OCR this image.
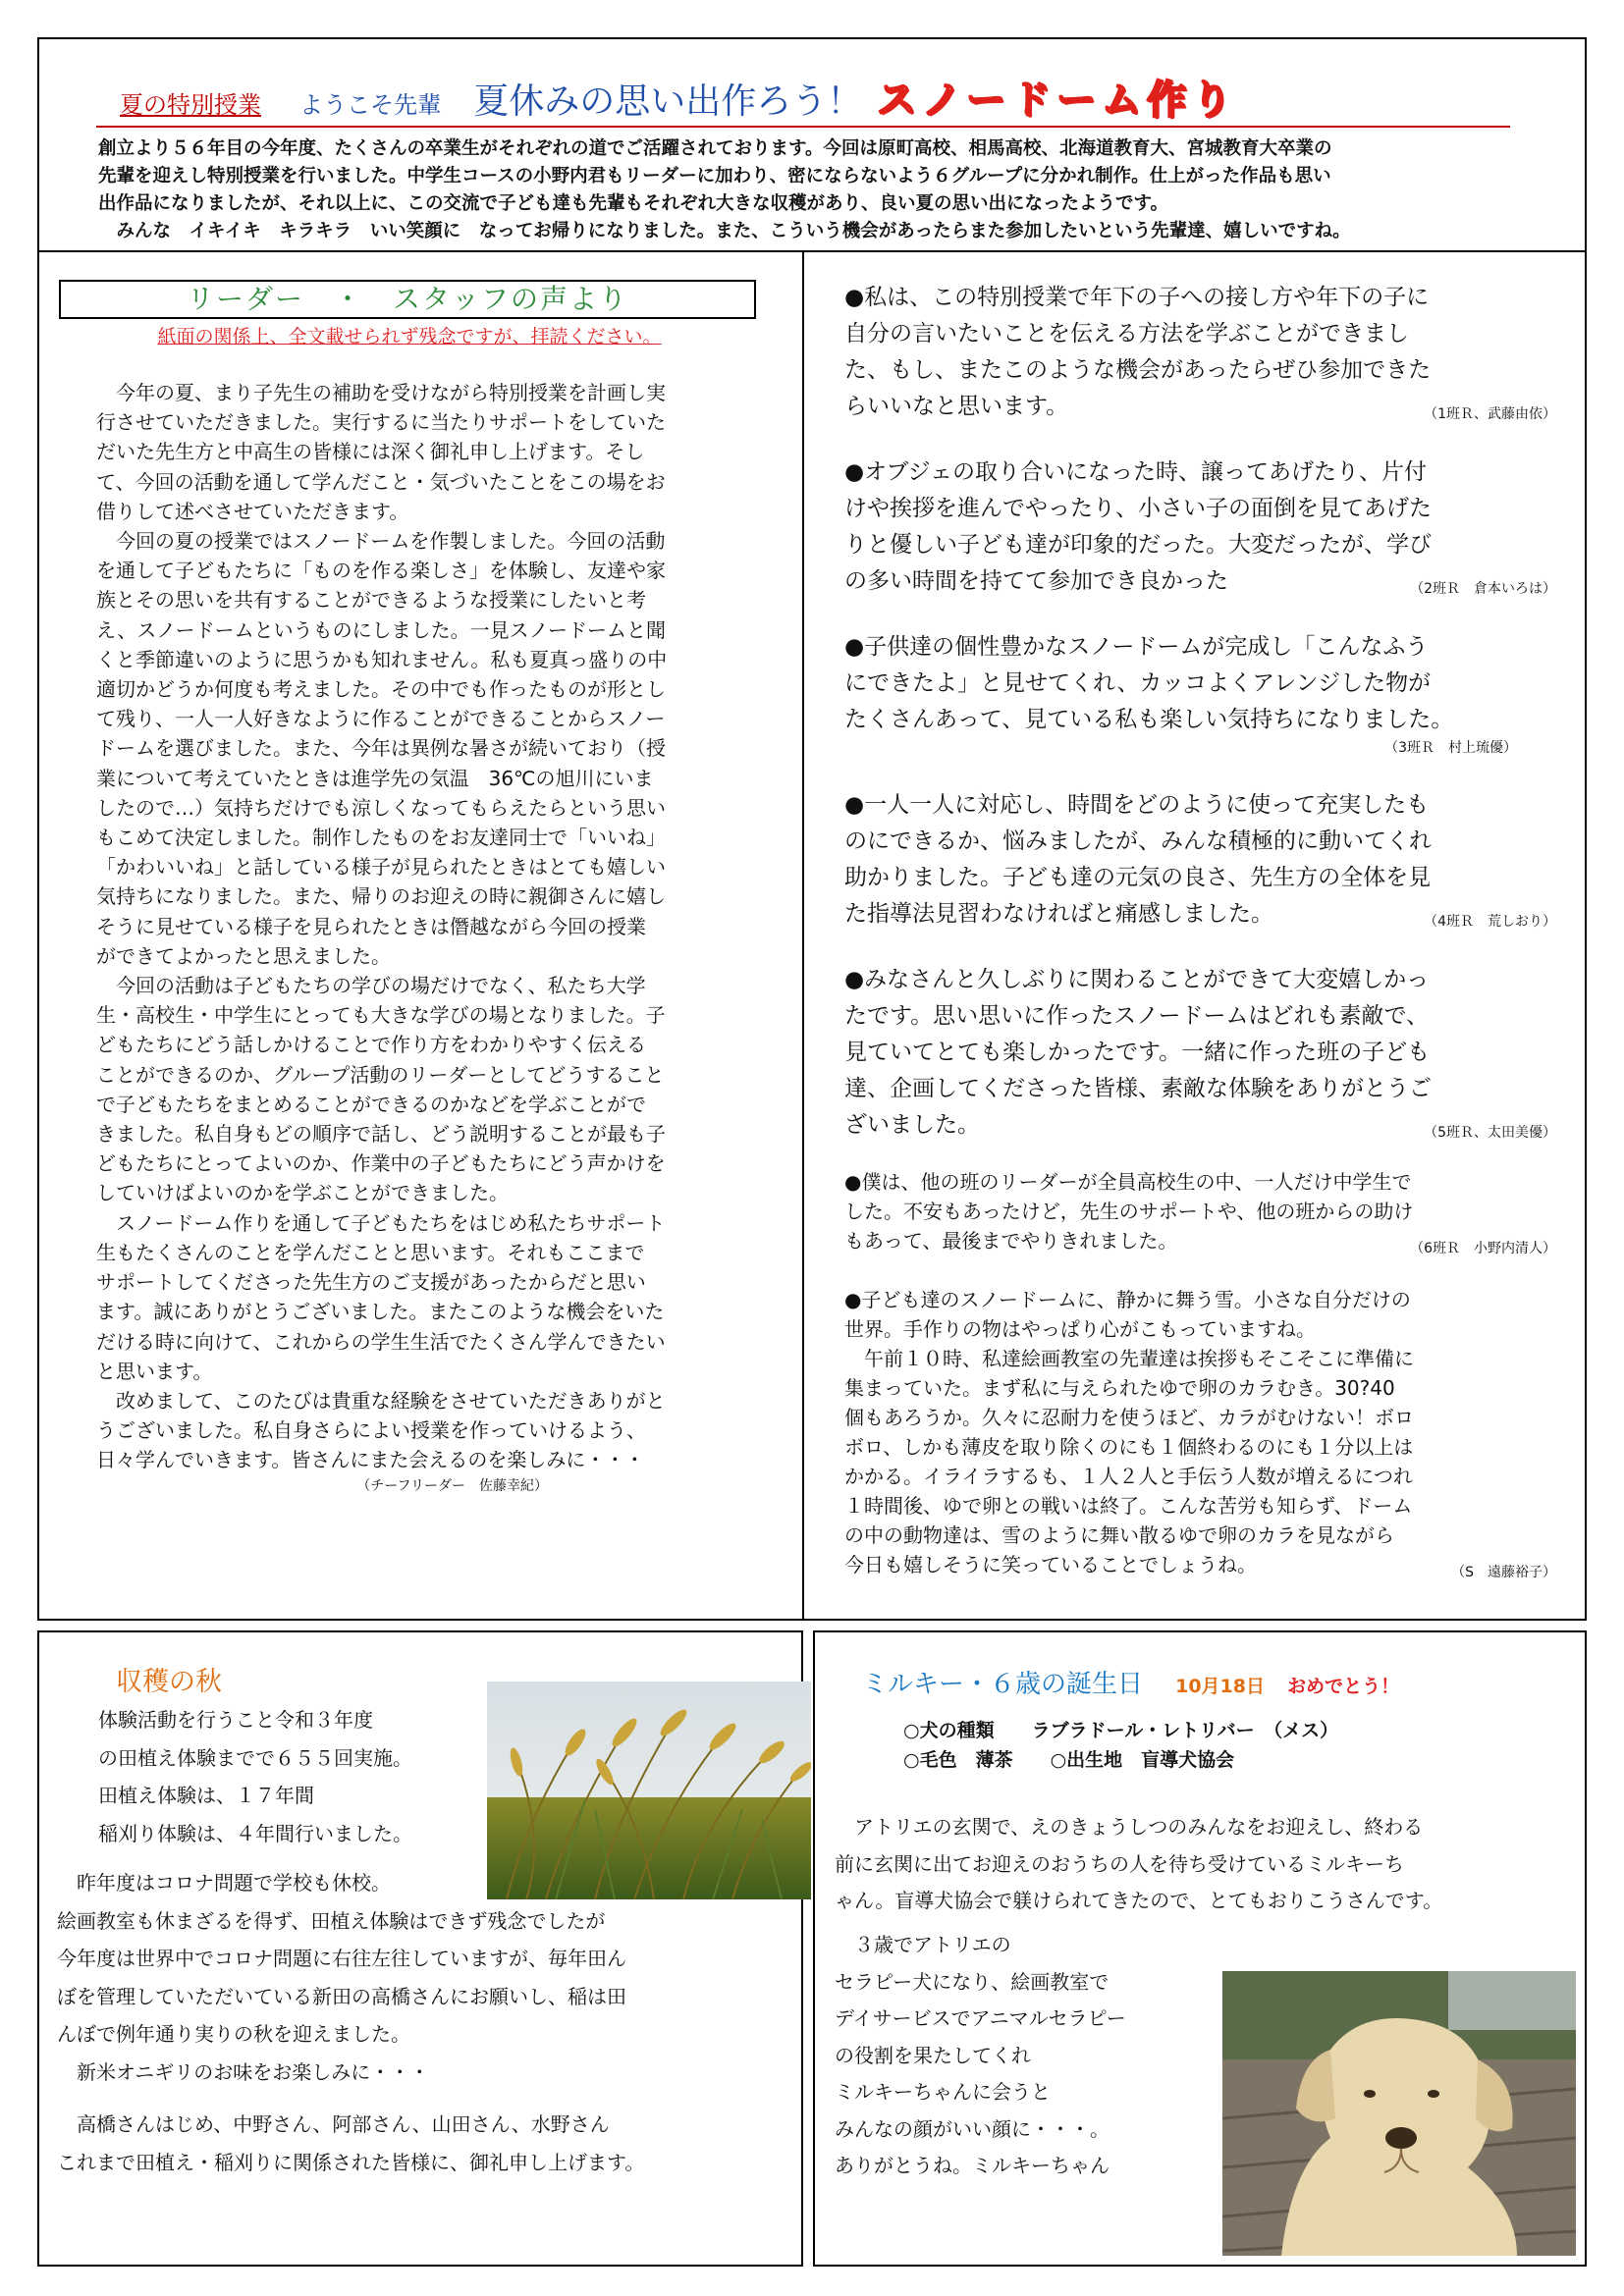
夏の特別授業 ようこそ先輩 夏休みの思い出作ろう！ スノードーム作り

創立より５６年目の今年度、たくさんの卒業生がそれぞれの道でご活躍されております。今回は原町高校、相馬高校、北海道教育大、宮城教育大卒業の

先輩を迎えし特別授業を行いました。中学生コースの小野内君もリーダーに加わり、密にならないよう６グループに分かれ制作。仕上がった作品も思い

出作品になりましたが、それ以上に、この交流で子ども達も先輩もそれぞれ大きな収穫があり、良い夏の思い出になったようです。

　みんな　イキイキ　キラキラ　いい笑顔に　なってお帰りになりました。また、こういう機会があったらまた参加したいという先輩達、嬉しいですね。

リーダー　・　スタッフの声より
紙面の関係上、全文載せられず残念ですが、拝読ください。

　今年の夏、まり子先生の補助を受けながら特別授業を計画し実

行させていただきました。実行するに当たりサポートをしていた

だいた先生方と中高生の皆様には深く御礼申し上げます。そし

て、今回の活動を通して学んだこと・気づいたことをこの場をお

借りして述べさせていただきます。

　今回の夏の授業ではスノードームを作製しました。今回の活動

を通して子どもたちに「ものを作る楽しさ」を体験し、友達や家

族とその思いを共有することができるような授業にしたいと考

え、スノードームというものにしました。一見スノードームと聞

くと季節違いのように思うかも知れません。私も夏真っ盛りの中

適切かどうか何度も考えました。その中でも作ったものが形とし

て残り、一人一人好きなように作ることができることからスノー

ドームを選びました。また、今年は異例な暑さが続いており（授

業について考えていたときは進学先の気温　36℃の旭川にいま

したので…）気持ちだけでも涼しくなってもらえたらという思い

もこめて決定しました。制作したものをお友達同士で「いいね」

「かわいいね」と話している様子が見られたときはとても嬉しい

気持ちになりました。また、帰りのお迎えの時に親御さんに嬉し

そうに見せている様子を見られたときは僭越ながら今回の授業

ができてよかったと思えました。

　今回の活動は子どもたちの学びの場だけでなく、私たち大学

生・高校生・中学生にとっても大きな学びの場となりました。子

どもたちにどう話しかけることで作り方をわかりやすく伝える

ことができるのか、グループ活動のリーダーとしてどうすること

で子どもたちをまとめることができるのかなどを学ぶことがで

きました。私自身もどの順序で話し、どう説明することが最も子

どもたちにとってよいのか、作業中の子どもたちにどう声かけを

していけばよいのかを学ぶことができました。

　スノードーム作りを通して子どもたちをはじめ私たちサポート

生もたくさんのことを学んだことと思います。それもここまで

サポートしてくださった先生方のご支援があったからだと思い

ます。誠にありがとうございました。またこのような機会をいた

だける時に向けて、これからの学生生活でたくさん学んできたい

と思います。

　改めまして、このたびは貴重な経験をさせていただきありがと

うございました。私自身さらによい授業を作っていけるよう、

日々学んでいきます。皆さんにまた会えるのを楽しみに・・・

（チーフリーダー　佐藤幸紀）

●私は、この特別授業で年下の子への接し方や年下の子に

自分の言いたいことを伝える方法を学ぶことができまし

た、もし、またこのような機会があったらぜひ参加できた

らいいなと思います。	（1班Ｒ、武藤由依）

●オブジェの取り合いになった時、譲ってあげたり、片付

けや挨拶を進んでやったり、小さい子の面倒を見てあげた

りと優しい子ども達が印象的だった。大変だったが、学び

の多い時間を持てて参加でき良かった	（2班Ｒ　倉本いろは）

●子供達の個性豊かなスノードームが完成し「こんなふう

にできたよ」と見せてくれ、カッコよくアレンジした物が

たくさんあって、見ている私も楽しい気持ちになりました。

（3班Ｒ　村上琉優）

●一人一人に対応し、時間をどのように使って充実したも

のにできるか、悩みましたが、みんな積極的に動いてくれ

助かりました。子ども達の元気の良さ、先生方の全体を見

た指導法見習わなければと痛感しました。	（4班Ｒ　荒しおり）

●みなさんと久しぶりに関わることができて大変嬉しかっ

たです。思い思いに作ったスノードームはどれも素敵で、

見ていてとても楽しかったです。一緒に作った班の子ども

達、企画してくださった皆様、素敵な体験をありがとうご

ざいました。	（5班Ｒ、太田美優）

●僕は、他の班のリーダーが全員高校生の中、一人だけ中学生で

した。不安もあったけど，先生のサポートや、他の班からの助け

もあって、最後までやりきれました。	（6班Ｒ　小野内清人）

●子ども達のスノードームに、静かに舞う雪。小さな自分だけの

世界。手作りの物はやっぱり心がこもっていますね。

　午前１０時、私達絵画教室の先輩達は挨拶もそこそこに準備に

集まっていた。まず私に与えられたゆで卵のカラむき。30?40

個もあろうか。久々に忍耐力を使うほど、カラがむけない！ボロ

ボロ、しかも薄皮を取り除くのにも１個終わるのにも１分以上は

かかる。イライラするも、１人２人と手伝う人数が増えるにつれ

１時間後、ゆで卵との戦いは終了。こんな苦労も知らず、ドーム

の中の動物達は、雪のように舞い散るゆで卵のカラを見ながら

今日も嬉しそうに笑っていることでしょうね。	（S　遠藤裕子）

収穫の秋

体験活動を行うこと令和３年度

の田植え体験までで６５５回実施。

田植え体験は、１７年間

稲刈り体験は、４年間行いました。

　昨年度はコロナ問題で学校も休校。

絵画教室も休まざるを得ず、田植え体験はできず残念でしたが

今年度は世界中でコロナ問題に右往左往していますが、毎年田ん

ぼを管理していただいている新田の高橋さんにお願いし、稲は田

んぼで例年通り実りの秋を迎えました。

　新米オニギリのお味をお楽しみに・・・

　高橋さんはじめ、中野さん、阿部さん、山田さん、水野さん

これまで田植え・稲刈りに関係された皆様に、御礼申し上げます。

ミルキー・６歳の誕生日 10月18日 おめでとう！

○犬の種類　　ラブラドール・レトリバー　（メス）

○毛色　薄茶　　○出生地　盲導犬協会

　アトリエの玄関で、えのきょうしつのみんなをお迎えし、終わる

前に玄関に出てお迎えのおうちの人を待ち受けているミルキーち

ゃん。盲導犬協会で躾けられてきたので、とてもおりこうさんです。

　３歳でアトリエの

セラピー犬になり、絵画教室で

デイサービスでアニマルセラピー

の役割を果たしてくれ

ミルキーちゃんに会うと

みんなの顔がいい顔に・・・。

ありがとうね。ミルキーちゃん
